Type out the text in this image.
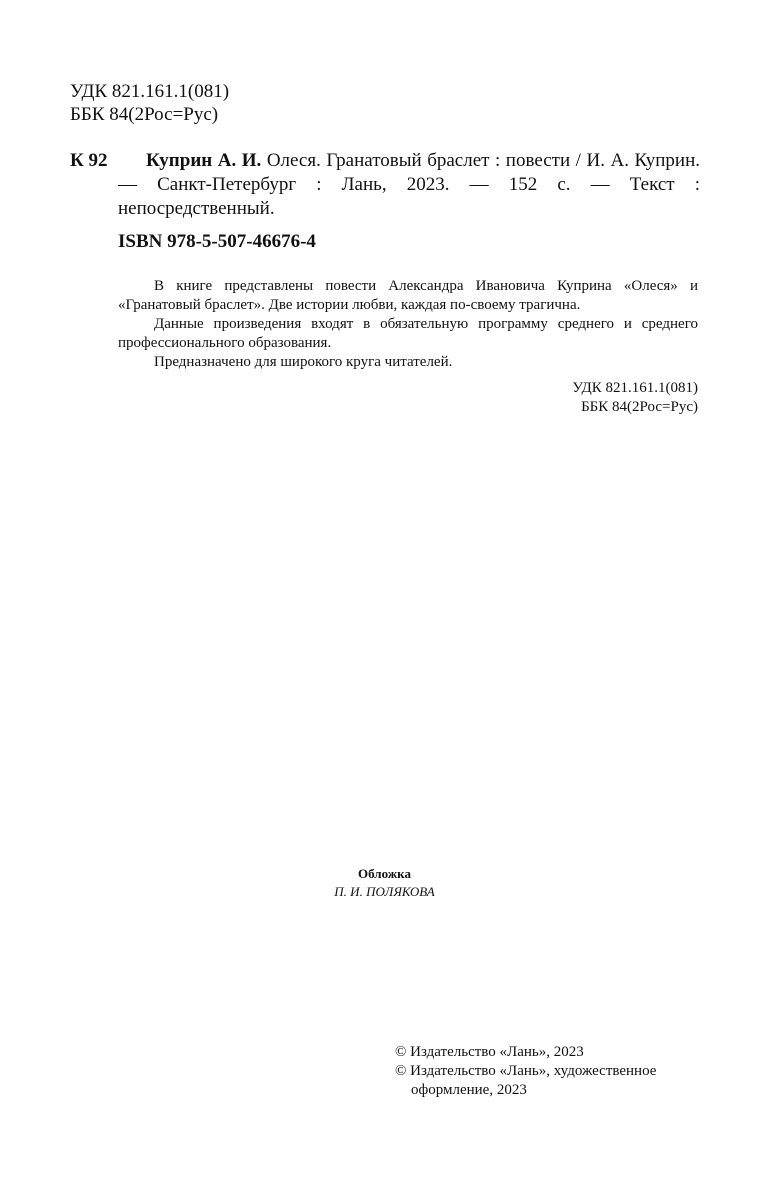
УДК 821.161.1(081)
ББК 84(2Рос=Рус)
К 92	Куприн А. И. Олеся. Гранатовый браслет : повести / И. А. Куприн. — Санкт-Петербург : Лань, 2023. — 152 с. — Текст : непосредственный.
ISBN 978-5-507-46676-4

В книге представлены повести Александра Ивановича Куприна «Олеся» и «Гранатовый браслет». Две истории любви, каждая по-своему трагична.

Данные произведения входят в обязательную программу среднего и среднего профессионального образования.

Предназначено для широкого круга читателей.

УДК 821.161.1(081)
ББК 84(2Рос=Рус)
Обложка
П. И. ПОЛЯКОВА
© Издательство «Лань», 2023
© Издательство «Лань», художественное
оформление, 2023
